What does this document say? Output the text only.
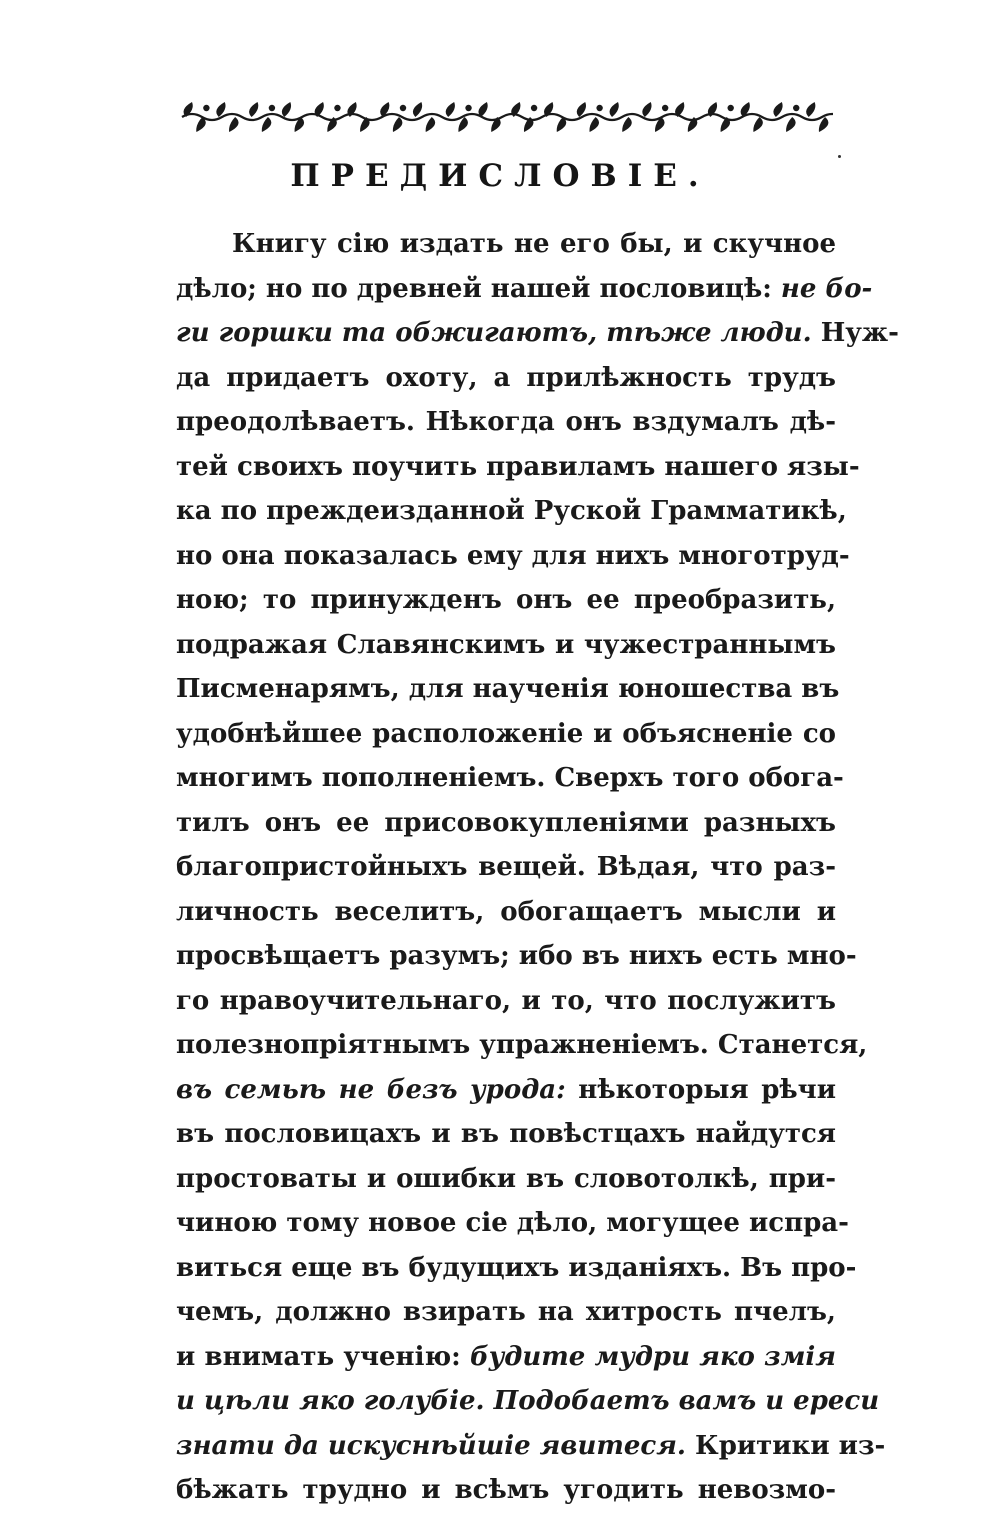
ПРЕДИСЛОВІЕ.
Книгу сію издать не его бы, и скучное
дѣло; но по древней нашей пословицѣ: не бо-
ги горшки та обжигаютъ, тѣже люди. Нуж-
да придаетъ охоту, а прилѣжность трудъ
преодолѣваетъ. Нѣкогда онъ вздумалъ дѣ-
тей своихъ поучить правиламъ нашего язы-
ка по преждеизданной Руской Грамматикѣ,
но она показалась ему для нихъ многотруд-
ною; то принужденъ онъ ее преобразить,
подражая Славянскимъ и чужестраннымъ
Писменарямъ, для наученія юношества въ
удобнѣйшее расположеніе и объясненіе со
многимъ пополненіемъ. Сверхъ того обога-
тилъ онъ ее присовокупленіями разныхъ
благопристойныхъ вещей. Вѣдая, что раз-
личность веселитъ, обогащаетъ мысли и
просвѣщаетъ разумъ; ибо въ нихъ есть мно-
го нравоучительнаго, и то, что послужитъ
полезнопріятнымъ упражненіемъ. Станется,
въ семьѣ не безъ урода: нѣкоторыя рѣчи
въ пословицахъ и въ повѣстцахъ найдутся
простоваты и ошибки въ словотолкѣ, при-
чиною тому новое сіе дѣло, могущее испра-
виться еще въ будущихъ изданіяхъ. Въ про-
чемъ, должно взирать на хитрость пчелъ,
и внимать ученію: будите мудри яко змія
и цѣли яко голубіе. Подобаетъ вамъ и ереси
знати да искуснѣйшіе явитеся. Критики из-
бѣжать трудно и всѣмъ угодить невозмо-
